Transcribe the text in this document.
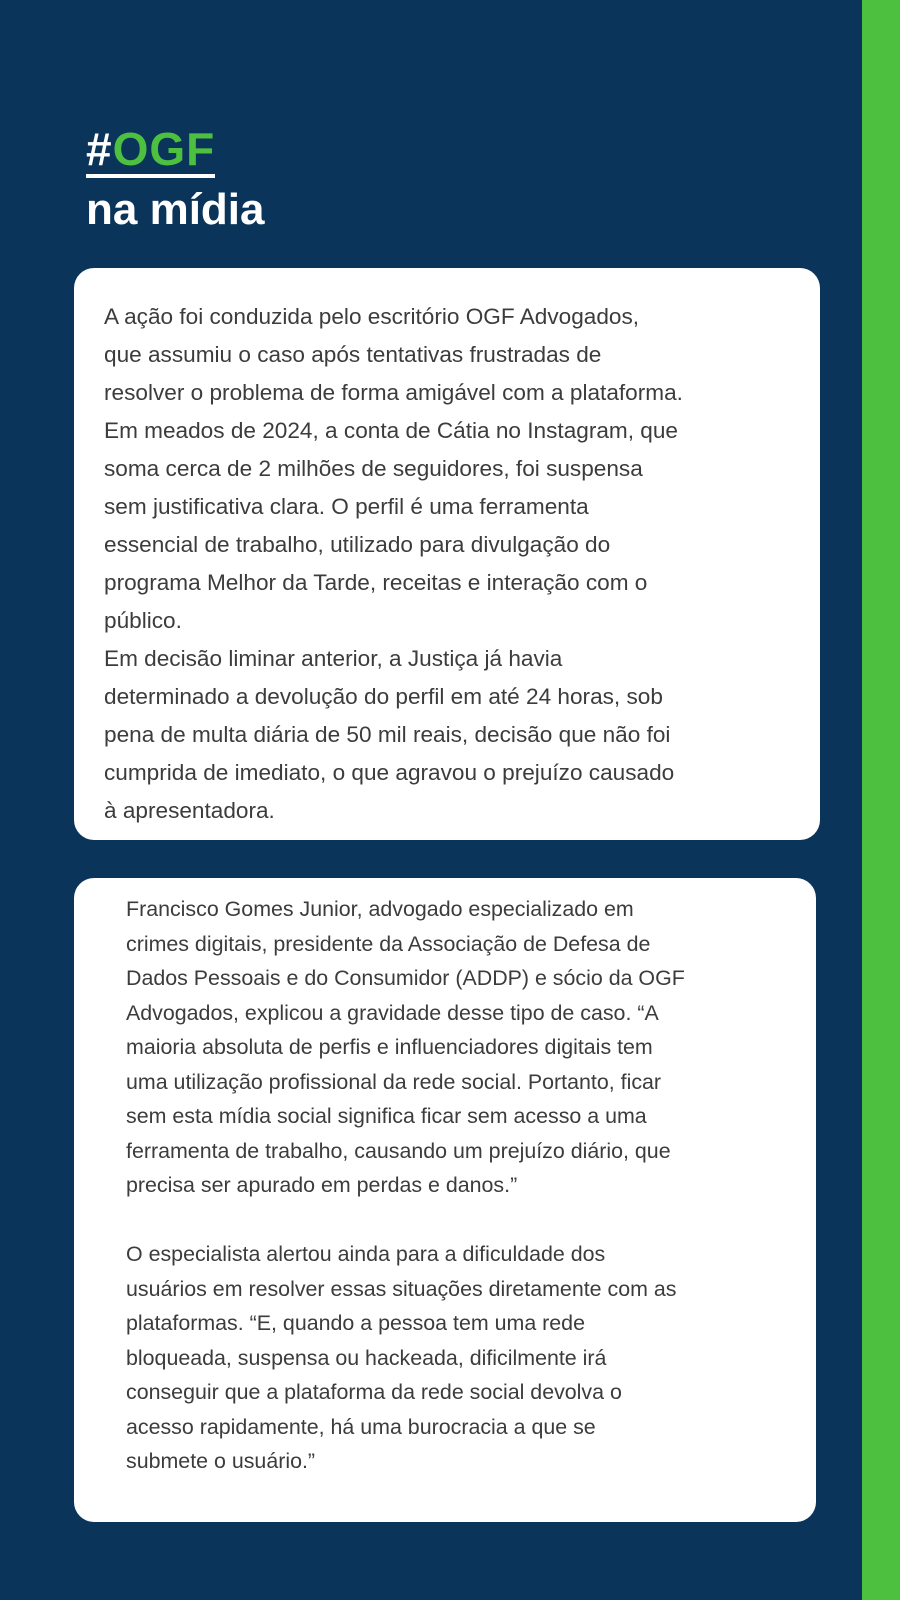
#OGF
na mídia

A ação foi conduzida pelo escritório OGF Advogados,
que assumiu o caso após tentativas frustradas de
resolver o problema de forma amigável com a plataforma.
Em meados de 2024, a conta de Cátia no Instagram, que
soma cerca de 2 milhões de seguidores, foi suspensa
sem justificativa clara. O perfil é uma ferramenta
essencial de trabalho, utilizado para divulgação do
programa Melhor da Tarde, receitas e interação com o
público.
Em decisão liminar anterior, a Justiça já havia
determinado a devolução do perfil em até 24 horas, sob
pena de multa diária de 50 mil reais, decisão que não foi
cumprida de imediato, o que agravou o prejuízo causado
à apresentadora.

Francisco Gomes Junior, advogado especializado em
crimes digitais, presidente da Associação de Defesa de
Dados Pessoais e do Consumidor (ADDP) e sócio da OGF
Advogados, explicou a gravidade desse tipo de caso. “A
maioria absoluta de perfis e influenciadores digitais tem
uma utilização profissional da rede social. Portanto, ficar
sem esta mídia social significa ficar sem acesso a uma
ferramenta de trabalho, causando um prejuízo diário, que
precisa ser apurado em perdas e danos.”

O especialista alertou ainda para a dificuldade dos
usuários em resolver essas situações diretamente com as
plataformas. “E, quando a pessoa tem uma rede
bloqueada, suspensa ou hackeada, dificilmente irá
conseguir que a plataforma da rede social devolva o
acesso rapidamente, há uma burocracia a que se
submete o usuário.”
